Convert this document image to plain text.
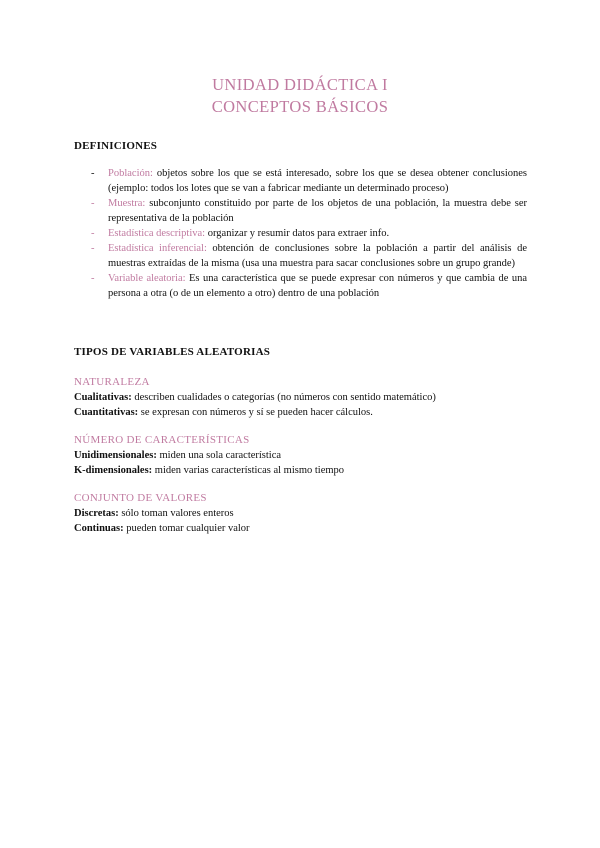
UNIDAD DIDÁCTICA I
CONCEPTOS BÁSICOS
DEFINICIONES
- Población: objetos sobre los que se está interesado, sobre los que se desea obtener conclusiones (ejemplo: todos los lotes que se van a fabricar mediante un determinado proceso)
- Muestra: subconjunto constituido por parte de los objetos de una población, la muestra debe ser representativa de la población
- Estadística descriptiva: organizar y resumir datos para extraer info.
- Estadística inferencial: obtención de conclusiones sobre la población a partir del análisis de muestras extraídas de la misma (usa una muestra para sacar conclusiones sobre un grupo grande)
- Variable aleatoria: Es una característica que se puede expresar con números y que cambia de una persona a otra (o de un elemento a otro) dentro de una población
TIPOS DE VARIABLES ALEATORIAS
NATURALEZA
Cualitativas: describen cualidades o categorías (no números con sentido matemático)
Cuantitativas: se expresan con números y sí se pueden hacer cálculos.
NÚMERO DE CARACTERÍSTICAS
Unidimensionales: miden una sola característica
K-dimensionales: miden varias características al mismo tiempo
CONJUNTO DE VALORES
Discretas: sólo toman valores enteros
Continuas: pueden tomar cualquier valor
